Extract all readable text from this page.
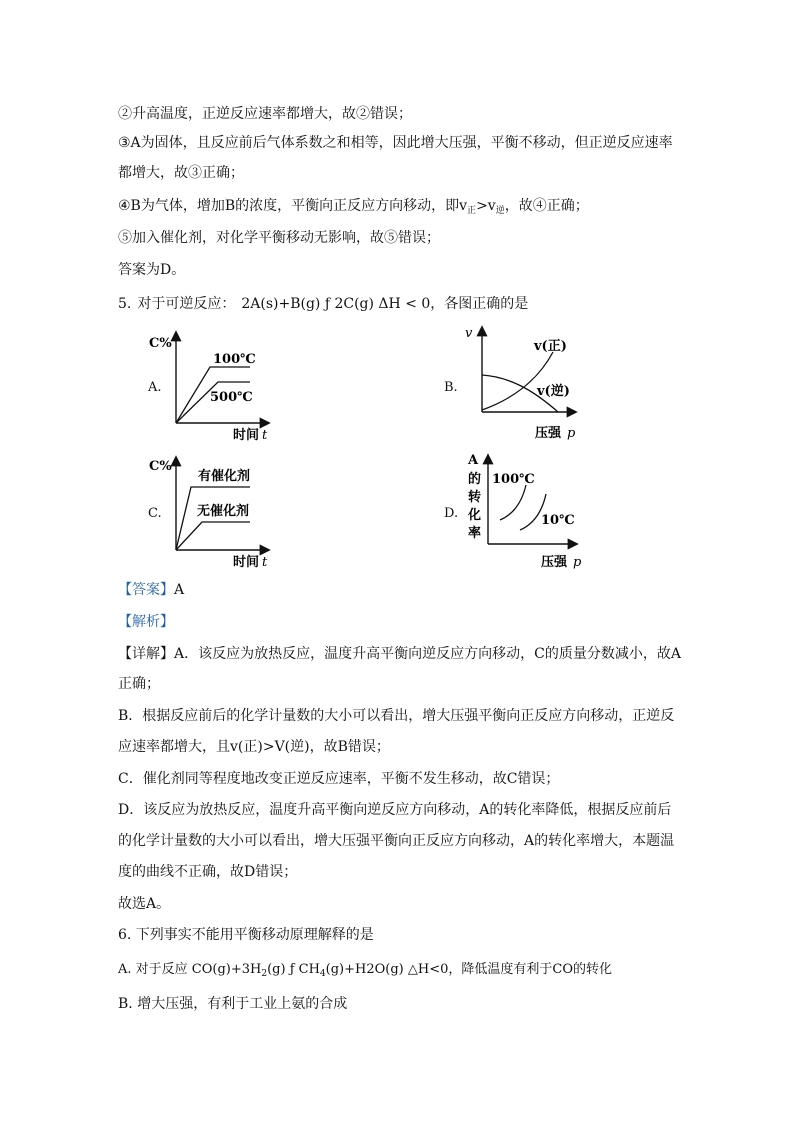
②升高温度，正逆反应速率都增大，故②错误；
③A为固体，且反应前后气体系数之和相等，因此增大压强，平衡不移动，但正逆反应速率
都增大，故③正确；
④B为气体，增加B的浓度，平衡向正反应方向移动，即$v_正>v_逆$，故④正确；
⑤加入催化剂，对化学平衡移动无影响，故⑤错误；
答案为D。
5. 对于可逆反应： 2A(s)+B(g) ƒ 2C(g) ΔH < 0，各图正确的是
A.	B.
C.	D.
C%
100℃
500℃
时间 t
v
v(正)
v(逆)
压强 p
C%
有催化剂
无催化剂
时间 t
A
的
转
化
率
100℃
10℃
压强 p
【答案】A
【解析】
【详解】A．该反应为放热反应，温度升高平衡向逆反应方向移动，C的质量分数减小，故A
正确；
B．根据反应前后的化学计量数的大小可以看出，增大压强平衡向正反应方向移动，正逆反
应速率都增大，且v(正)>V(逆)，故B错误；
C．催化剂同等程度地改变正逆反应速率，平衡不发生移动，故C错误；
D．该反应为放热反应，温度升高平衡向逆反应方向移动，A的转化率降低，根据反应前后
的化学计量数的大小可以看出，增大压强平衡向正反应方向移动，A的转化率增大，本题温
度的曲线不正确，故D错误；
故选A。
6. 下列事实不能用平衡移动原理解释的是
A. 对于反应 $CO(g)+3H_2(g)$ ƒ $CH_4(g)+H2O(g)$ △H<0，降低温度有利于CO的转化
B. 增大压强，有利于工业上氨的合成
